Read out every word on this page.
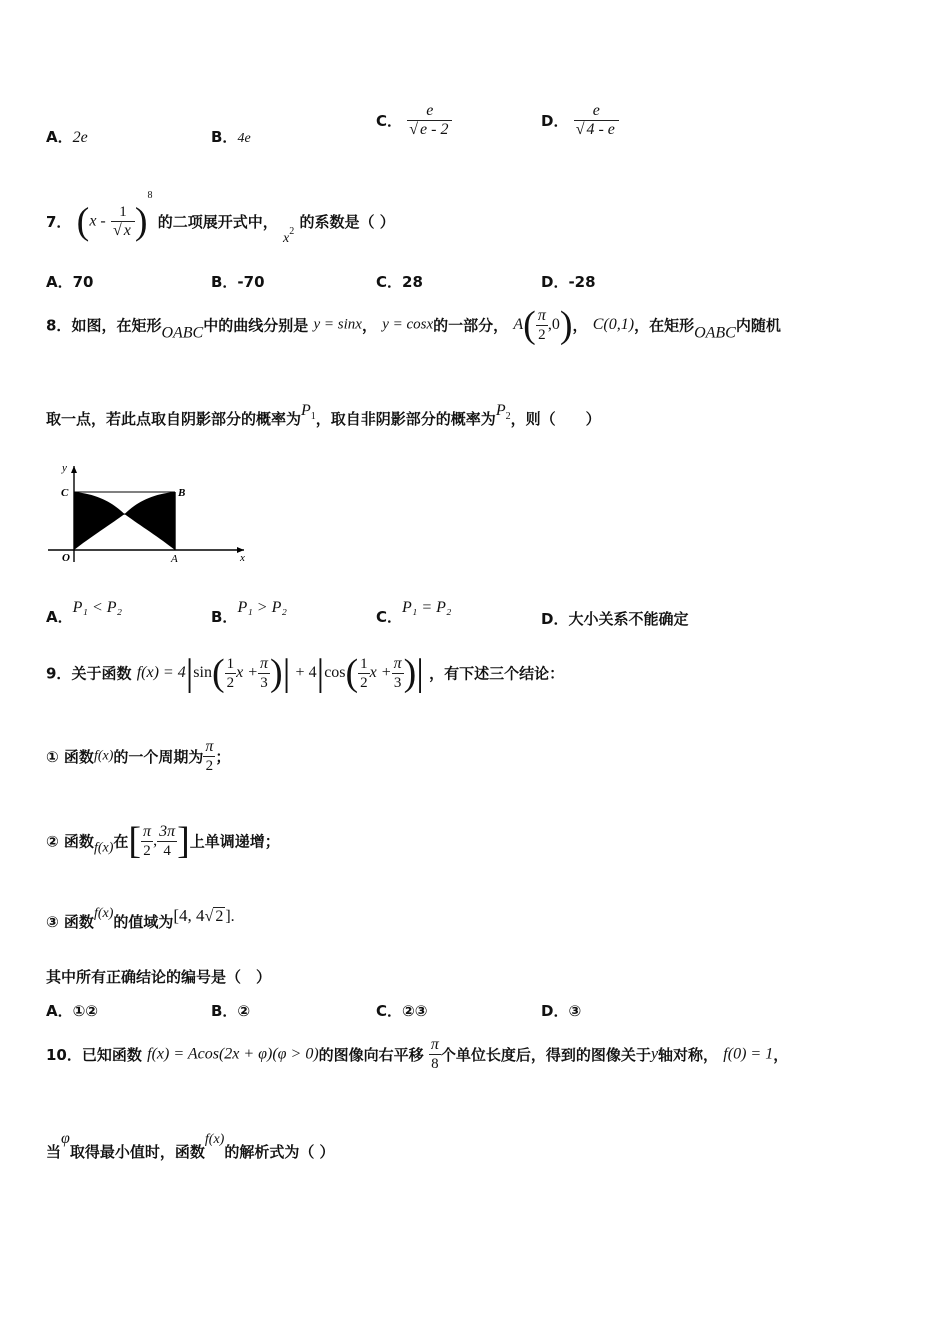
A．2e	B．4e
C． $\frac{e}{√ e - 2}$	D． $\frac{e}{√ 4 - e}$
7． $(x - \frac{1}{√ x} )^8$ 的二项展开式中， $x^2$ 的系数是（ ）
A．70	B．-70	C．28	D．-28
8．如图，在矩形OABC中的曲线分别是 y = sinx， y = cosx的一部分， $A( \frac{\pi}{2} ,0)$， C(0,1)，在矩形OABC内随机
取一点，若此点取自阴影部分的概率为$P_1$，取自非阴影部分的概率为$P_2$，则（　　）
y
x
C	B
O	A
A．P₁ < P₂
B．P₁ > P₂
C．P₁ = P₂
D．大小关系不能确定
9．关于函数 $f(x) = 4|\sin( \frac{1}{2}$ $x + \frac{\pi}{3}$ )| + $4|\cos( \frac{1}{2}$ $x + \frac{\pi}{3}$ )| ，有下述三个结论：
① 函数f(x)的一个周期为 $\frac{\pi}{2}$ ；
② 函数f(x)在[ $\frac{\pi}{2}$ , $\frac{3\pi}{4}$ ]上单调递增；
③ 函数f(x)的值域为[4, 4√ 2 ].
其中所有正确结论的编号是（　）
A．①②	B．②	C．②③	D．③
10．已知函数 f(x) = Acos(2x + φ)(φ > 0)的图像向右平移 $\frac{\pi}{8}$ 个单位长度后，得到的图像关于y轴对称， f(0) = 1，
当φ取得最小值时，函数f(x)的解析式为（ ）
